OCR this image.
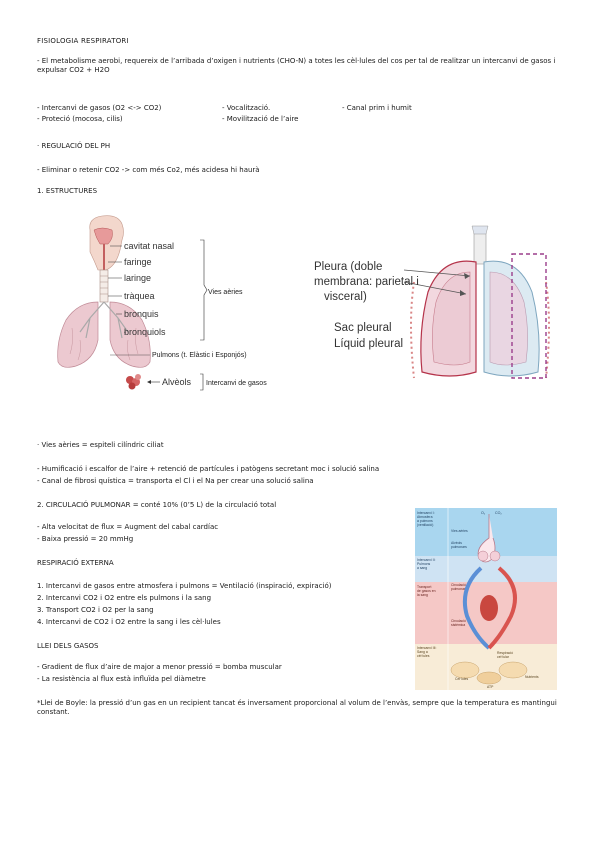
FISIOLOGIA RESPIRATORI
- El metabolisme aerobi, requereix de l’arribada d’oxigen i nutrients (CHO-N) a totes les cèl·lules del cos per tal de realitzar un intercanvi de gasos i expulsar CO2 + H2O
- Intercanvi de gasos (O2 <-> CO2)
- Proteció (mocosa, cilis)
- Vocalització.
- Movilització de l’aire
- Canal prim i humit
· REGULACIÓ DEL PH
- Eliminar o retenir CO2 -> com més Co2, més acidesa hi haurà
1. ESTRUCTURES
cavitat nasal
faringe
laringe
tràquea
bronquis
bronquiols
Vies aèries
Pulmons (t. Elàstic i Esponjós)
Alvèols Intercanvi de gasos
Pleura (doble
membrana: parietal i
visceral)
Sac pleural
Líquid pleural
· Vies aèries = espiteli cilíndric ciliat
- Humificació i escalfor de l’aire + retenció de partícules i patògens secretant moc i solució salina
- Canal de fibrosi quística = transporta el Cl i el Na per crear una solució salina
2. CIRCULACIÓ PULMONAR = conté 10% (0’5 L) de la circulació total
- Alta velocitat de flux = Augment del cabal cardíac
- Baixa pressió = 20 mmHg
RESPIRACIÓ EXTERNA
1. Intercanvi de gasos entre atmosfera i pulmons = Ventilació (inspiració, expiració)
2. Intercanvi CO2 i O2 entre els pulmons i la sang
3. Transport CO2 i O2 per la sang
4. Intercanvi de CO2 i O2 entre la sang i les cèl·lules
LLEI DELS GASOS
- Gradient de flux d’aire de major a menor pressió = bomba muscular
- La resistència al flux està influïda pel diàmetre
*Llei de Boyle: la pressió d’un gas en un recipient tancat és inversament proporcional al volum de l’envàs, sempre que la temperatura es mantingui constant.
Intercanvi I: Atmosfera a pulmons (ventilació)
Intercanvi II: Pulmons a sang
Transport de gasos en la sang
Intercanvi III: Sang a cèl·lules
Vies aèries
Alvèols pulmonars
Circulació pulmonar
Circulació sistèmica
Respiració cel·lular
Cèl·lules	Nutrients
ATP
O₂	CO₂
